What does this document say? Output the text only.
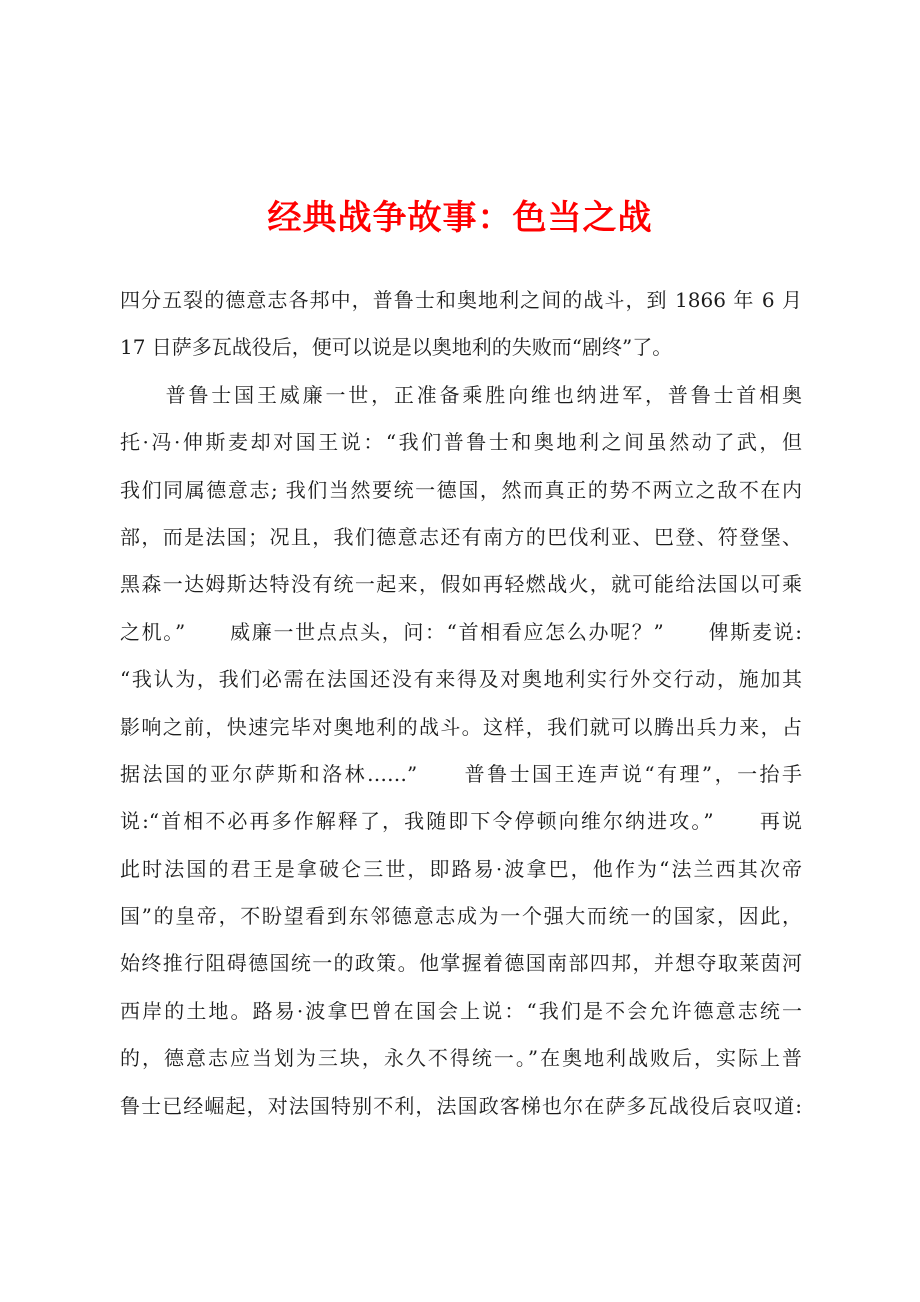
经典战争故事：色当之战
四分五裂的德意志各邦中，普鲁士和奥地利之间的战斗，到 1866 年 6 月
17 日萨多瓦战役后，便可以说是以奥地利的失败而“剧终”了。
　　普鲁士国王威廉一世，正准备乘胜向维也纳进军，普鲁士首相奥
托·冯·伸斯麦却对国王说：“我们普鲁士和奥地利之间虽然动了武，但
我们同属德意志; 我们当然要统一德国，然而真正的势不两立之敌不在内
部，而是法国；况且，我们德意志还有南方的巴伐利亚、巴登、符登堡、
黑森一达姆斯达特没有统一起来，假如再轻燃战火，就可能给法国以可乘
之机。”　　威廉一世点点头，问：“首相看应怎么办呢？”　　俾斯麦说:
“我认为，我们必需在法国还没有来得及对奥地利实行外交行动，施加其
影响之前，快速完毕对奥地利的战斗。这样，我们就可以腾出兵力来，占
据法国的亚尔萨斯和洛林……”　　普鲁士国王连声说“有理”，一抬手
说:“首相不必再多作解释了，我随即下令停顿向维尔纳进攻。”　　再说
此时法国的君王是拿破仑三世，即路易·波拿巴，他作为“法兰西其次帝
国”的皇帝，不盼望看到东邻德意志成为一个强大而统一的国家，因此，
始终推行阻碍德国统一的政策。他掌握着德国南部四邦，并想夺取莱茵河
西岸的土地。路易·波拿巴曾在国会上说：“我们是不会允许德意志统一
的，德意志应当划为三块，永久不得统一。”在奥地利战败后，实际上普
鲁士已经崛起，对法国特别不利，法国政客梯也尔在萨多瓦战役后哀叹道:
